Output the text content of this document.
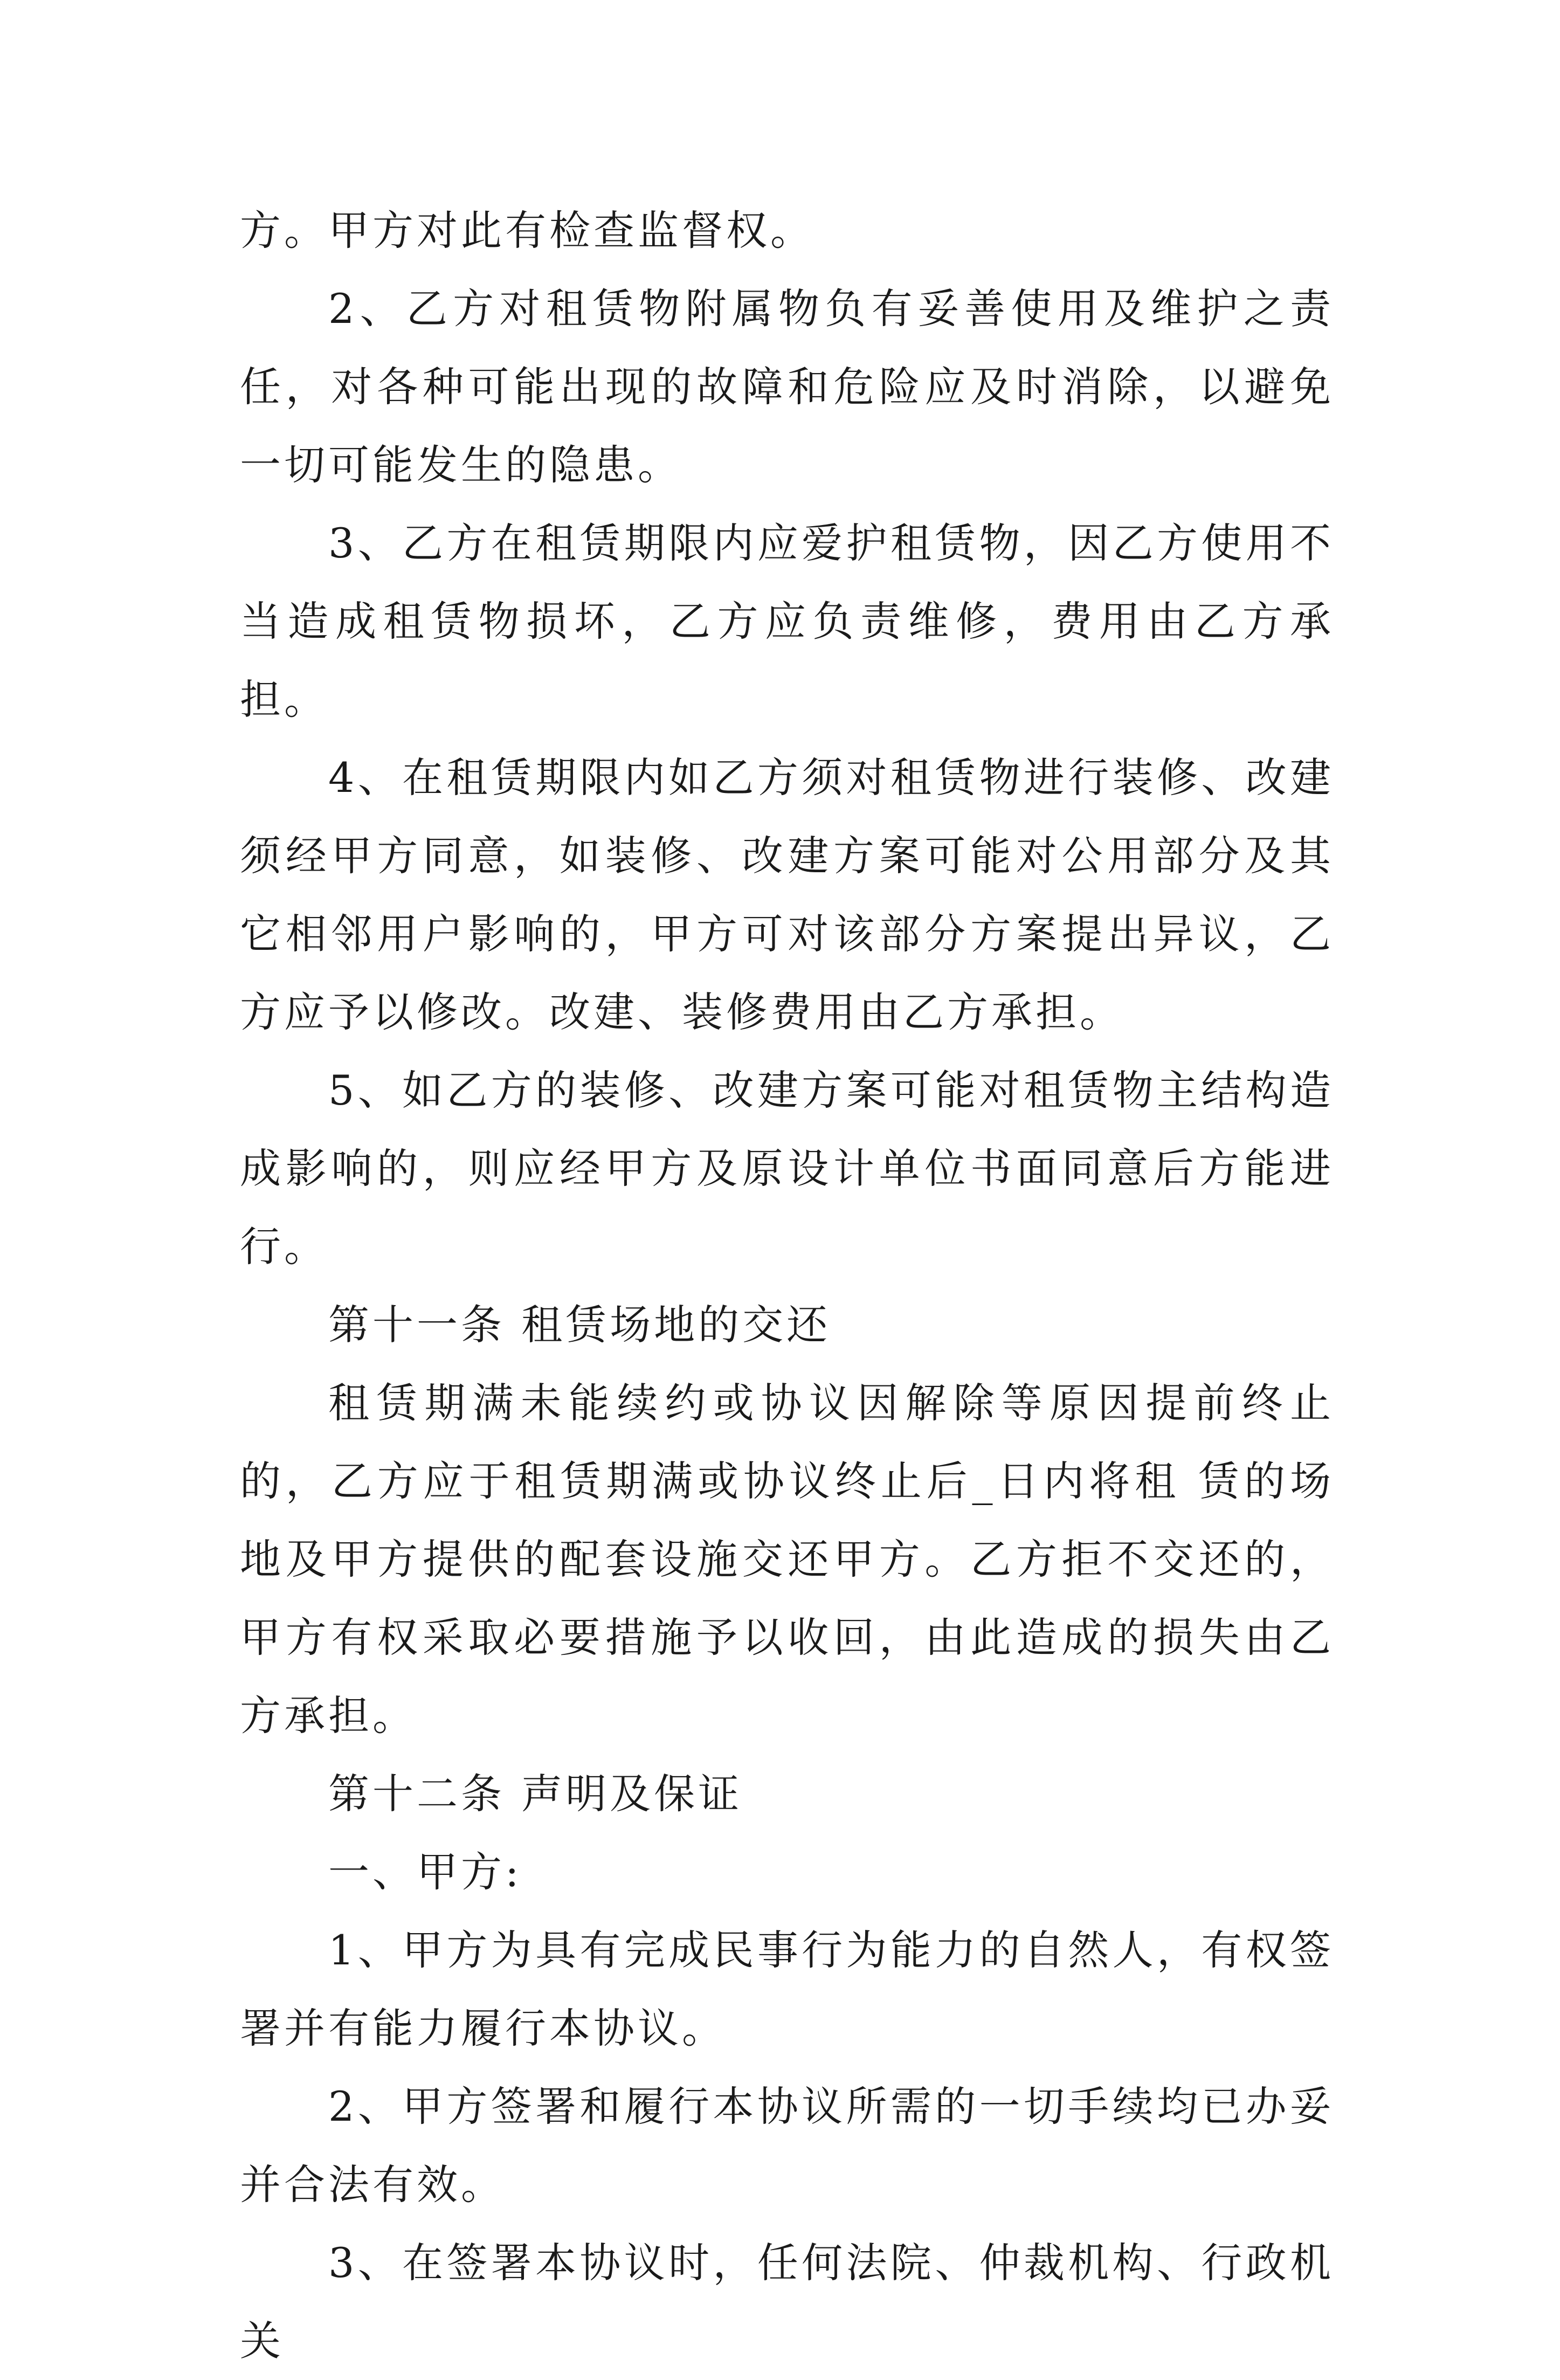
方。甲方对此有检查监督权。

2、乙方对租赁物附属物负有妥善使用及维护之责任，对各种可能出现的故障和危险应及时消除，以避免一切可能发生的隐患。

3、乙方在租赁期限内应爱护租赁物，因乙方使用不当造成租赁物损坏，乙方应负责维修，费用由乙方承担。

4、在租赁期限内如乙方须对租赁物进行装修、改建须经甲方同意，如装修、改建方案可能对公用部分及其它相邻用户影响的，甲方可对该部分方案提出异议，乙方应予以修改。改建、装修费用由乙方承担。

5、如乙方的装修、改建方案可能对租赁物主结构造成影响的，则应经甲方及原设计单位书面同意后方能进行。

第十一条 租赁场地的交还

租赁期满未能续约或协议因解除等原因提前终止的，乙方应于租赁期满或协议终止后_日内将租 赁的场地及甲方提供的配套设施交还甲方。乙方拒不交还的，甲方有权采取必要措施予以收回，由此造成的损失由乙方承担。

第十二条 声明及保证

一、甲方:

1、甲方为具有完成民事行为能力的自然人，有权签署并有能力履行本协议。

2、甲方签署和履行本协议所需的一切手续均已办妥并合法有效。

3、在签署本协议时，任何法院、仲裁机构、行政机关
